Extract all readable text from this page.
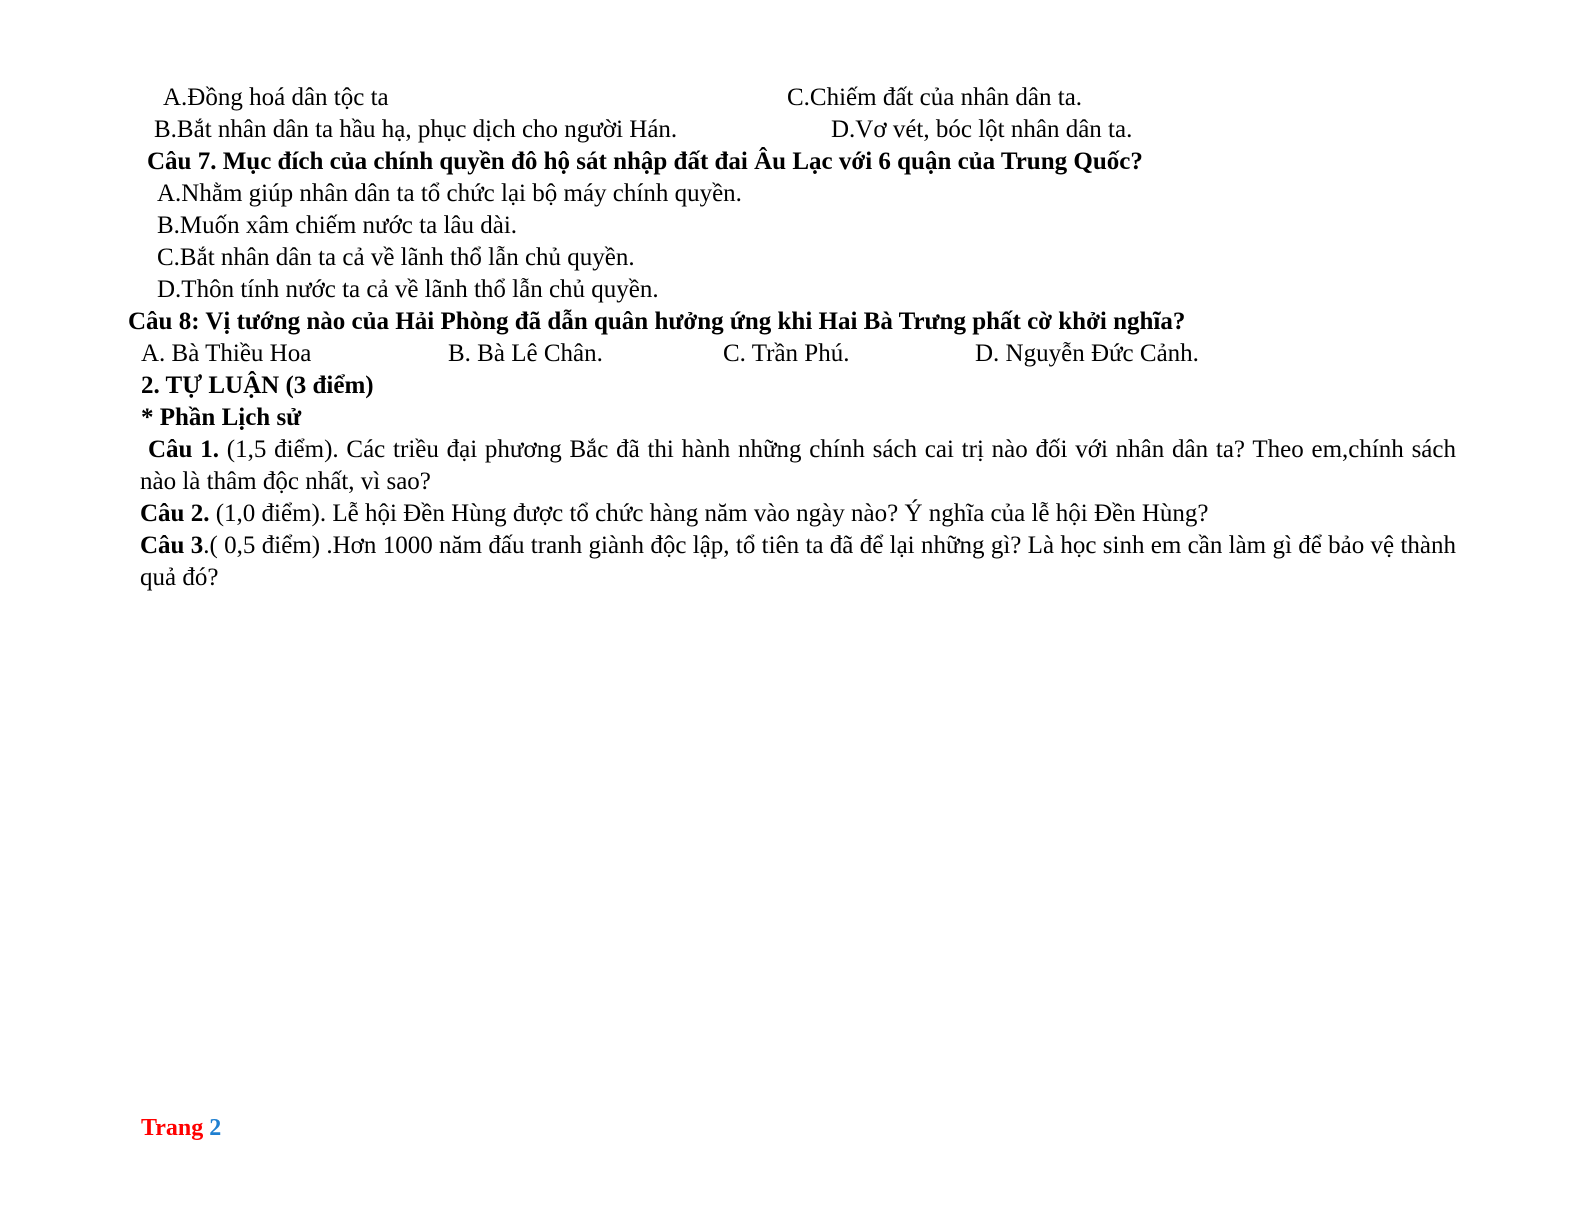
A.Đồng hoá dân tộc ta	C.Chiếm đất của nhân dân ta.
B.Bắt nhân dân ta hầu hạ, phục dịch cho người Hán.	D.Vơ vét, bóc lột nhân dân ta.
Câu 7. Mục đích của chính quyền đô hộ sát nhập đất đai Âu Lạc với 6 quận của Trung Quốc?
A.Nhằm giúp nhân dân ta tổ chức lại bộ máy chính quyền.
B.Muốn xâm chiếm nước ta lâu dài.
C.Bắt nhân dân ta cả về lãnh thổ lẫn chủ quyền.
D.Thôn tính nước ta cả về lãnh thổ lẫn chủ quyền.
Câu 8: Vị tướng nào của Hải Phòng đã dẫn quân hưởng ứng khi Hai Bà Trưng phất cờ khởi nghĩa?
A. Bà Thiều Hoa	B. Bà Lê Chân.	C. Trần Phú.	D. Nguyễn Đức Cảnh.
2. TỰ LUẬN (3 điểm)
* Phần Lịch sử
Câu 1. (1,5 điểm). Các triều đại phương Bắc đã thi hành những chính sách cai trị nào đối với nhân dân ta? Theo em,chính sách nào là thâm độc nhất, vì sao?
Câu 2. (1,0 điểm). Lễ hội Đền Hùng được tổ chức hàng năm vào ngày nào? Ý nghĩa của lễ hội Đền Hùng?
Câu 3.( 0,5 điểm) .Hơn 1000 năm đấu tranh giành độc lập, tổ tiên ta đã để lại những gì? Là học sinh em cần làm gì để bảo vệ thành quả đó?
Trang 2
